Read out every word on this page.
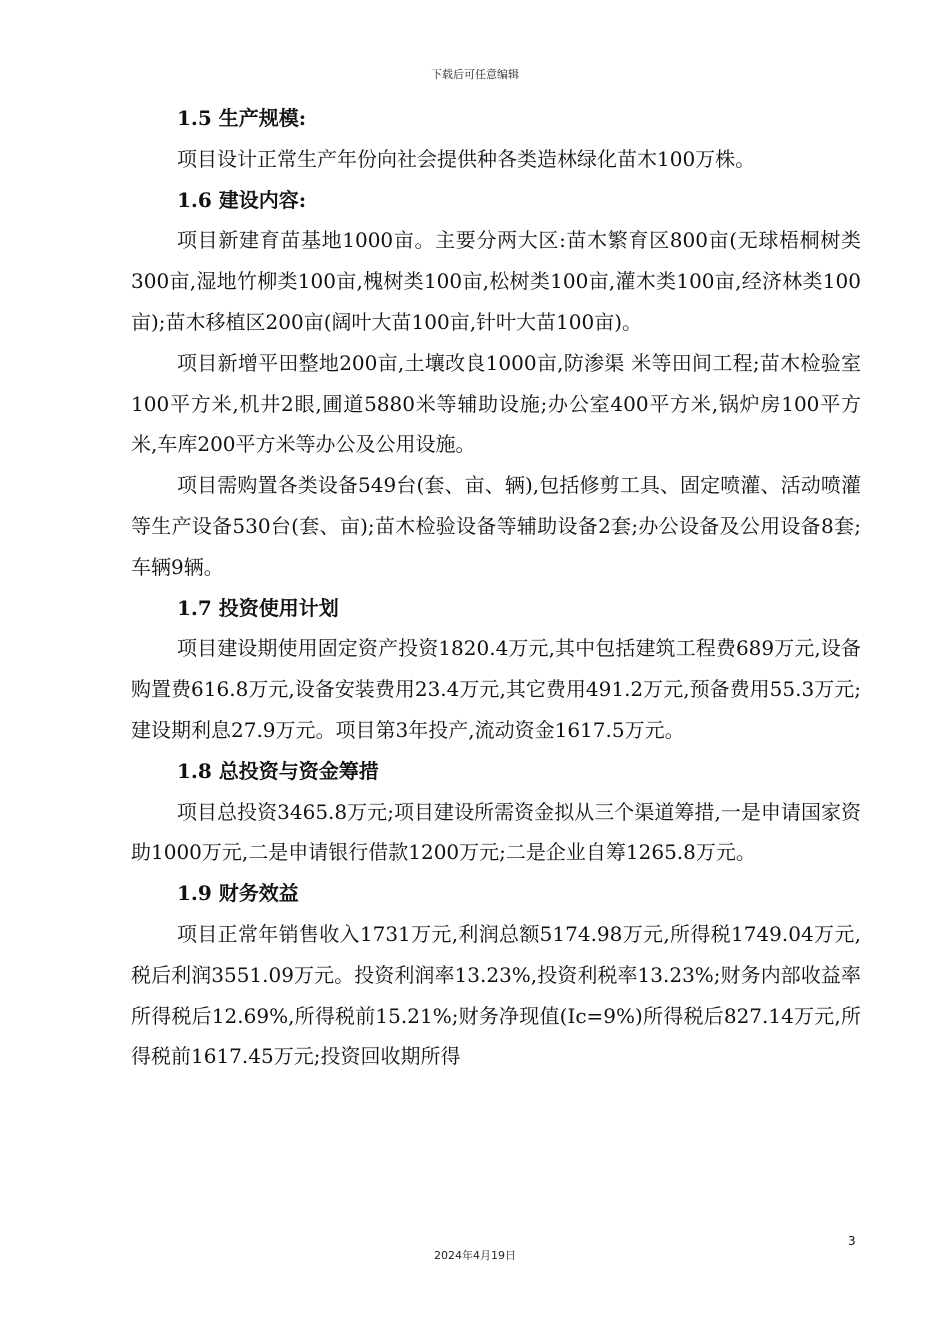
下载后可任意编辑
1.5 生产规模:

项目设计正常生产年份向社会提供种各类造林绿化苗木100万株。

1.6 建设内容:

项目新建育苗基地1000亩。主要分两大区:苗木繁育区800亩(无球梧桐树类300亩,湿地竹柳类100亩,槐树类100亩,松树类100亩,灌木类100亩,经济林类100亩);苗木移植区200亩(阔叶大苗100亩,针叶大苗100亩)。

项目新增平田整地200亩,土壤改良1000亩,防渗渠 米等田间工程;苗木检验室100平方米,机井2眼,圃道5880米等辅助设施;办公室400平方米,锅炉房100平方米,车库200平方米等办公及公用设施。

项目需购置各类设备549台(套、亩、辆),包括修剪工具、固定喷灌、活动喷灌等生产设备530台(套、亩);苗木检验设备等辅助设备2套;办公设备及公用设备8套;车辆9辆。

1.7 投资使用计划

项目建设期使用固定资产投资1820.4万元,其中包括建筑工程费689万元,设备购置费616.8万元,设备安装费用23.4万元,其它费用491.2万元,预备费用55.3万元;建设期利息27.9万元。项目第3年投产,流动资金1617.5万元。

1.8 总投资与资金筹措

项目总投资3465.8万元;项目建设所需资金拟从三个渠道筹措,一是申请国家资助1000万元,二是申请银行借款1200万元;二是企业自筹1265.8万元。

1.9 财务效益

项目正常年销售收入1731万元,利润总额5174.98万元,所得税1749.04万元,税后利润3551.09万元。投资利润率13.23%,投资利税率13.23%;财务内部收益率所得税后12.69%,所得税前15.21%;财务净现值(Ic=9%)所得税后827.14万元,所得税前1617.45万元;投资回收期所得

3
2024年4月19日
